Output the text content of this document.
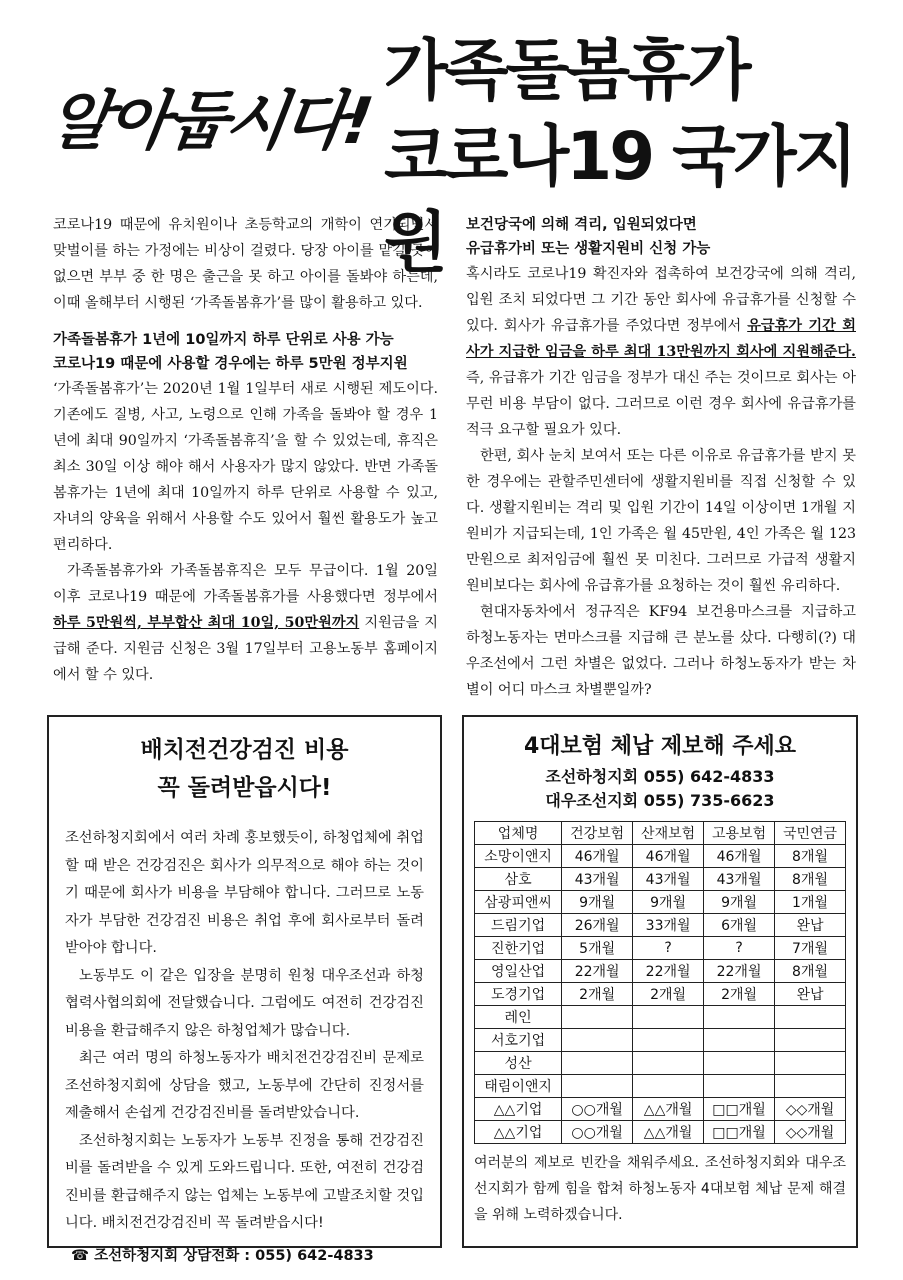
알아둡시다!
가족돌봄휴가
코로나19 국가지원

코로나19 때문에 유치원이나 초등학교의 개학이 연기되면서 맞벌이를 하는 가정에는 비상이 걸렸다. 당장 아이를 맡길 곳이 없으면 부부 중 한 명은 출근을 못 하고 아이를 돌봐야 하는데, 이때 올해부터 시행된 ‘가족돌봄휴가’를 많이 활용하고 있다.

가족돌봄휴가 1년에 10일까지 하루 단위로 사용 가능
코로나19 때문에 사용할 경우에는 하루 5만원 정부지원

‘가족돌봄휴가’는 2020년 1월 1일부터 새로 시행된 제도이다. 기존에도 질병, 사고, 노령으로 인해 가족을 돌봐야 할 경우 1년에 최대 90일까지 ‘가족돌봄휴직’을 할 수 있었는데, 휴직은 최소 30일 이상 해야 해서 사용자가 많지 않았다. 반면 가족돌봄휴가는 1년에 최대 10일까지 하루 단위로 사용할 수 있고, 자녀의 양육을 위해서 사용할 수도 있어서 훨씬 활용도가 높고 편리하다.

가족돌봄휴가와 가족돌봄휴직은 모두 무급이다. 1월 20일 이후 코로나19 때문에 가족돌봄휴가를 사용했다면 정부에서 하루 5만원씩, 부부합산 최대 10일, 50만원까지 지원금을 지급해 준다. 지원금 신청은 3월 17일부터 고용노동부 홈페이지에서 할 수 있다.

보건당국에 의해 격리, 입원되었다면
유급휴가비 또는 생활지원비 신청 가능

혹시라도 코로나19 확진자와 접촉하여 보건강국에 의해 격리, 입원 조치 되었다면 그 기간 동안 회사에 유급휴가를 신청할 수 있다. 회사가 유급휴가를 주었다면 정부에서 유급휴가 기간 회사가 지급한 임금을 하루 최대 13만원까지 회사에 지원해준다. 즉, 유급휴가 기간 임금을 정부가 대신 주는 것이므로 회사는 아무런 비용 부담이 없다. 그러므로 이런 경우 회사에 유급휴가를 적극 요구할 필요가 있다.

한편, 회사 눈치 보여서 또는 다른 이유로 유급휴가를 받지 못한 경우에는 관할주민센터에 생활지원비를 직접 신청할 수 있다. 생활지원비는 격리 및 입원 기간이 14일 이상이면 1개월 지원비가 지급되는데, 1인 가족은 월 45만원, 4인 가족은 월 123만원으로 최저임금에 훨씬 못 미친다. 그러므로 가급적 생활지원비보다는 회사에 유급휴가를 요청하는 것이 훨씬 유리하다.

현대자동차에서 정규직은 KF94 보건용마스크를 지급하고 하청노동자는 면마스크를 지급해 큰 분노를 샀다. 다행히(?) 대우조선에서 그런 차별은 없었다. 그러나 하청노동자가 받는 차별이 어디 마스크 차별뿐일까?

배치전건강검진 비용
꼭 돌려받읍시다!

조선하청지회에서 여러 차례 홍보했듯이, 하청업체에 취업할 때 받은 건강검진은 회사가 의무적으로 해야 하는 것이기 때문에 회사가 비용을 부담해야 합니다. 그러므로 노동자가 부담한 건강검진 비용은 취업 후에 회사로부터 돌려받아야 합니다.

노동부도 이 같은 입장을 분명히 원청 대우조선과 하청 협력사협의회에 전달했습니다. 그럼에도 여전히 건강검진 비용을 환급해주지 않은 하청업체가 많습니다.

최근 여러 명의 하청노동자가 배치전건강검진비 문제로 조선하청지회에 상담을 했고, 노동부에 간단히 진정서를 제출해서 손쉽게 건강검진비를 돌려받았습니다.

조선하청지회는 노동자가 노동부 진정을 통해 건강검진비를 돌려받을 수 있게 도와드립니다. 또한, 여전히 건강검진비를 환급해주지 않는 업체는 노동부에 고발조치할 것입니다. 배치전건강검진비 꼭 돌려받읍시다!

☎ 조선하청지회 상담전화 : 055) 642-4833
4대보험 체납 제보해 주세요
조선하청지회 055) 642-4833
대우조선지회 055) 735-6623
업체명	건강보험	산재보험	고용보험	국민연금
소망이앤지	46개월	46개월	46개월	8개월
삼호	43개월	43개월	43개월	8개월
삼광피앤씨	9개월	9개월	9개월	1개월
드림기업	26개월	33개월	6개월	완납
진한기업	5개월	?	?	7개월
영일산업	22개월	22개월	22개월	8개월
도경기업	2개월	2개월	2개월	완납
레인				
서호기업				
성산				
태림이앤지				
△△기업	○○개월	△△개월	□□개월	◇◇개월
△△기업	○○개월	△△개월	□□개월	◇◇개월

여러분의 제보로 빈칸을 채워주세요. 조선하청지회와 대우조선지회가 함께 힘을 합쳐 하청노동자 4대보험 체납 문제 해결을 위해 노력하겠습니다.
